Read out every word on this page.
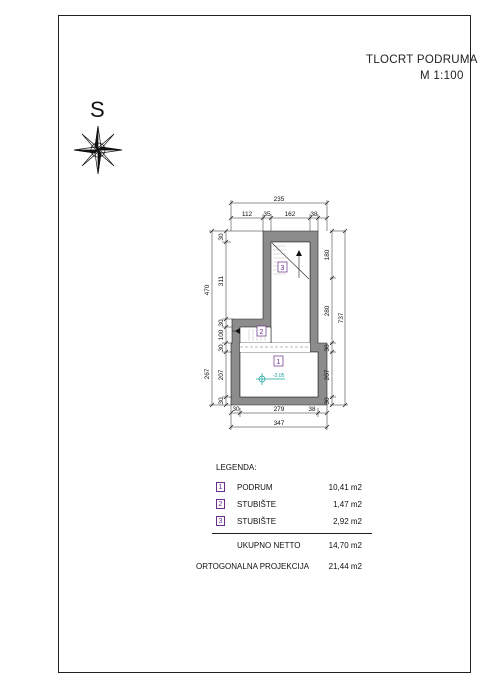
TLOCRT PODRUMA
M 1:100
S
235
112 35 162 38
470
30
311
30
100
30
267 207
30
737
180
280
207
30
30
30	279	38
347
1
2
3
-2,05
LEGENDA:
1	PODRUM	10,41 m2
2	STUBIŠTE	1,47 m2
3	STUBIŠTE	2,92 m2
UKUPNO NETTO	14,70 m2
ORTOGONALNA PROJEKCIJA	21,44 m2
